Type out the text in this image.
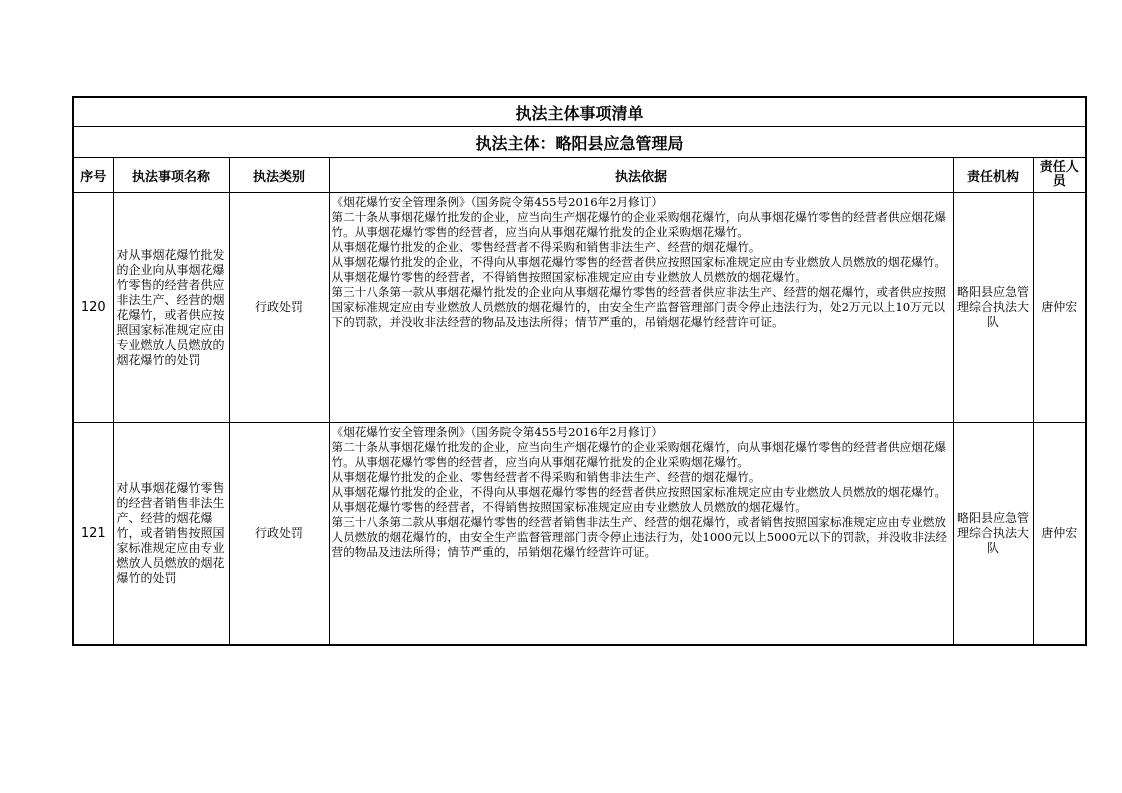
执法主体事项清单					
执法主体：略阳县应急管理局					
序号	执法事项名称	执法类别	执法依据	责任机构	责任人员
120	对从事烟花爆竹批发的企业向从事烟花爆竹零售的经营者供应非法生产、经营的烟花爆竹，或者供应按照国家标准规定应由专业燃放人员燃放的烟花爆竹的处罚	行政处罚	《烟花爆竹安全管理条例》（国务院令第455号2016年2月修订）
第二十条从事烟花爆竹批发的企业，应当向生产烟花爆竹的企业采购烟花爆竹，向从事烟花爆竹零售的经营者供应烟花爆竹。从事烟花爆竹零售的经营者，应当向从事烟花爆竹批发的企业采购烟花爆竹。
从事烟花爆竹批发的企业、零售经营者不得采购和销售非法生产、经营的烟花爆竹。
从事烟花爆竹批发的企业，不得向从事烟花爆竹零售的经营者供应按照国家标准规定应由专业燃放人员燃放的烟花爆竹。从事烟花爆竹零售的经营者，不得销售按照国家标准规定应由专业燃放人员燃放的烟花爆竹。
第三十八条第一款从事烟花爆竹批发的企业向从事烟花爆竹零售的经营者供应非法生产、经营的烟花爆竹，或者供应按照国家标准规定应由专业燃放人员燃放的烟花爆竹的，由安全生产监督管理部门责令停止违法行为，处2万元以上10万元以下的罚款，并没收非法经营的物品及违法所得；情节严重的，吊销烟花爆竹经营许可证。	略阳县应急管理综合执法大队	唐仲宏
121	对从事烟花爆竹零售的经营者销售非法生产、经营的烟花爆竹，或者销售按照国家标准规定应由专业燃放人员燃放的烟花爆竹的处罚	行政处罚	《烟花爆竹安全管理条例》（国务院令第455号2016年2月修订）
第二十条从事烟花爆竹批发的企业，应当向生产烟花爆竹的企业采购烟花爆竹，向从事烟花爆竹零售的经营者供应烟花爆竹。从事烟花爆竹零售的经营者，应当向从事烟花爆竹批发的企业采购烟花爆竹。
从事烟花爆竹批发的企业、零售经营者不得采购和销售非法生产、经营的烟花爆竹。
从事烟花爆竹批发的企业，不得向从事烟花爆竹零售的经营者供应按照国家标准规定应由专业燃放人员燃放的烟花爆竹。从事烟花爆竹零售的经营者，不得销售按照国家标准规定应由专业燃放人员燃放的烟花爆竹。
第三十八条第二款从事烟花爆竹零售的经营者销售非法生产、经营的烟花爆竹，或者销售按照国家标准规定应由专业燃放人员燃放的烟花爆竹的，由安全生产监督管理部门责令停止违法行为，处1000元以上5000元以下的罚款，并没收非法经营的物品及违法所得；情节严重的，吊销烟花爆竹经营许可证。	略阳县应急管理综合执法大队	唐仲宏
